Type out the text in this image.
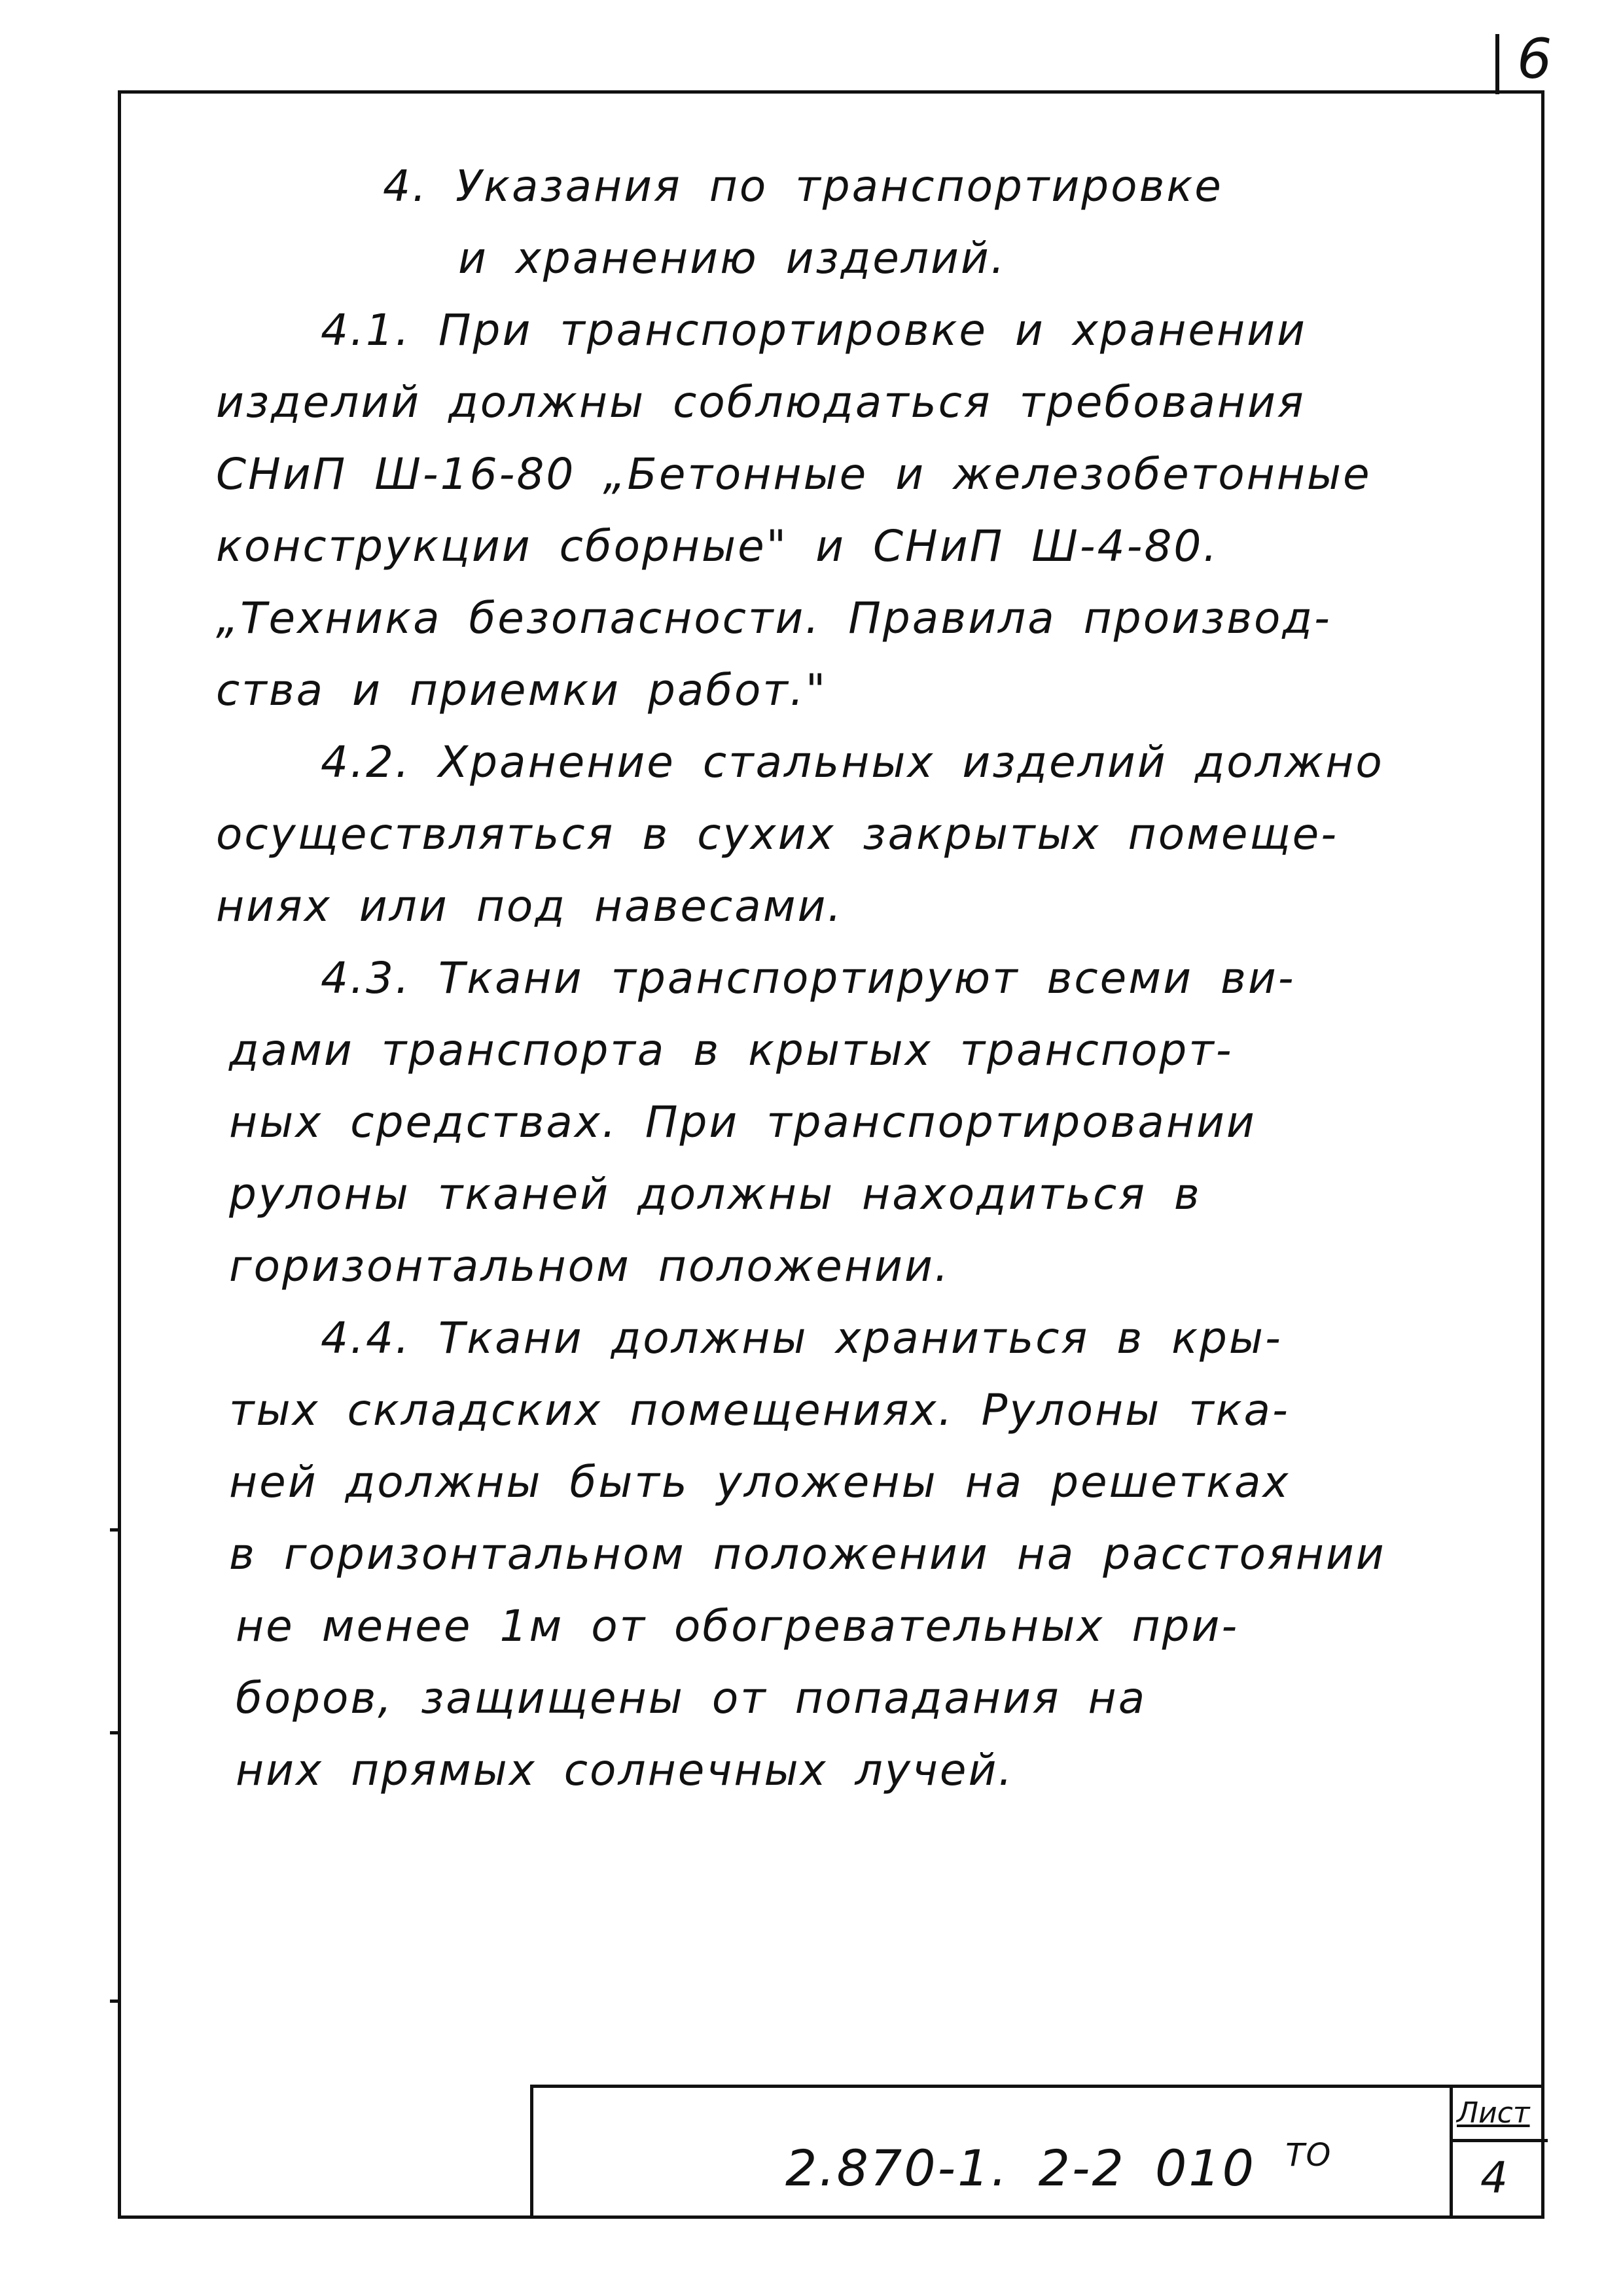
6
4. Указания по транспортировке
и хранению изделий.
4.1. При транспортировке и хранении
изделий должны соблюдаться требования
СНиП Ш-16-80 „Бетонные и железобетонные
конструкции сборные" и СНиП Ш-4-80.
„Техника безопасности. Правила производ-
ства и приемки работ."
4.2. Хранение стальных изделий должно
осуществляться в сухих закрытых помеще-
ниях или под навесами.
4.3. Ткани транспортируют всеми ви-
дами транспорта в крытых транспорт-
ных средствах. При транспортировании
рулоны тканей должны находиться в
горизонтальном положении.
4.4. Ткани должны храниться в кры-
тых складских помещениях. Рулоны тка-
ней должны быть уложены на решетках
в горизонтальном положении на расстоянии
не менее 1м от обогревательных при-
боров, защищены от попадания на
них прямых солнечных лучей.
2.870-1. 2-2 010 $^{ТО}$
Лист
4
